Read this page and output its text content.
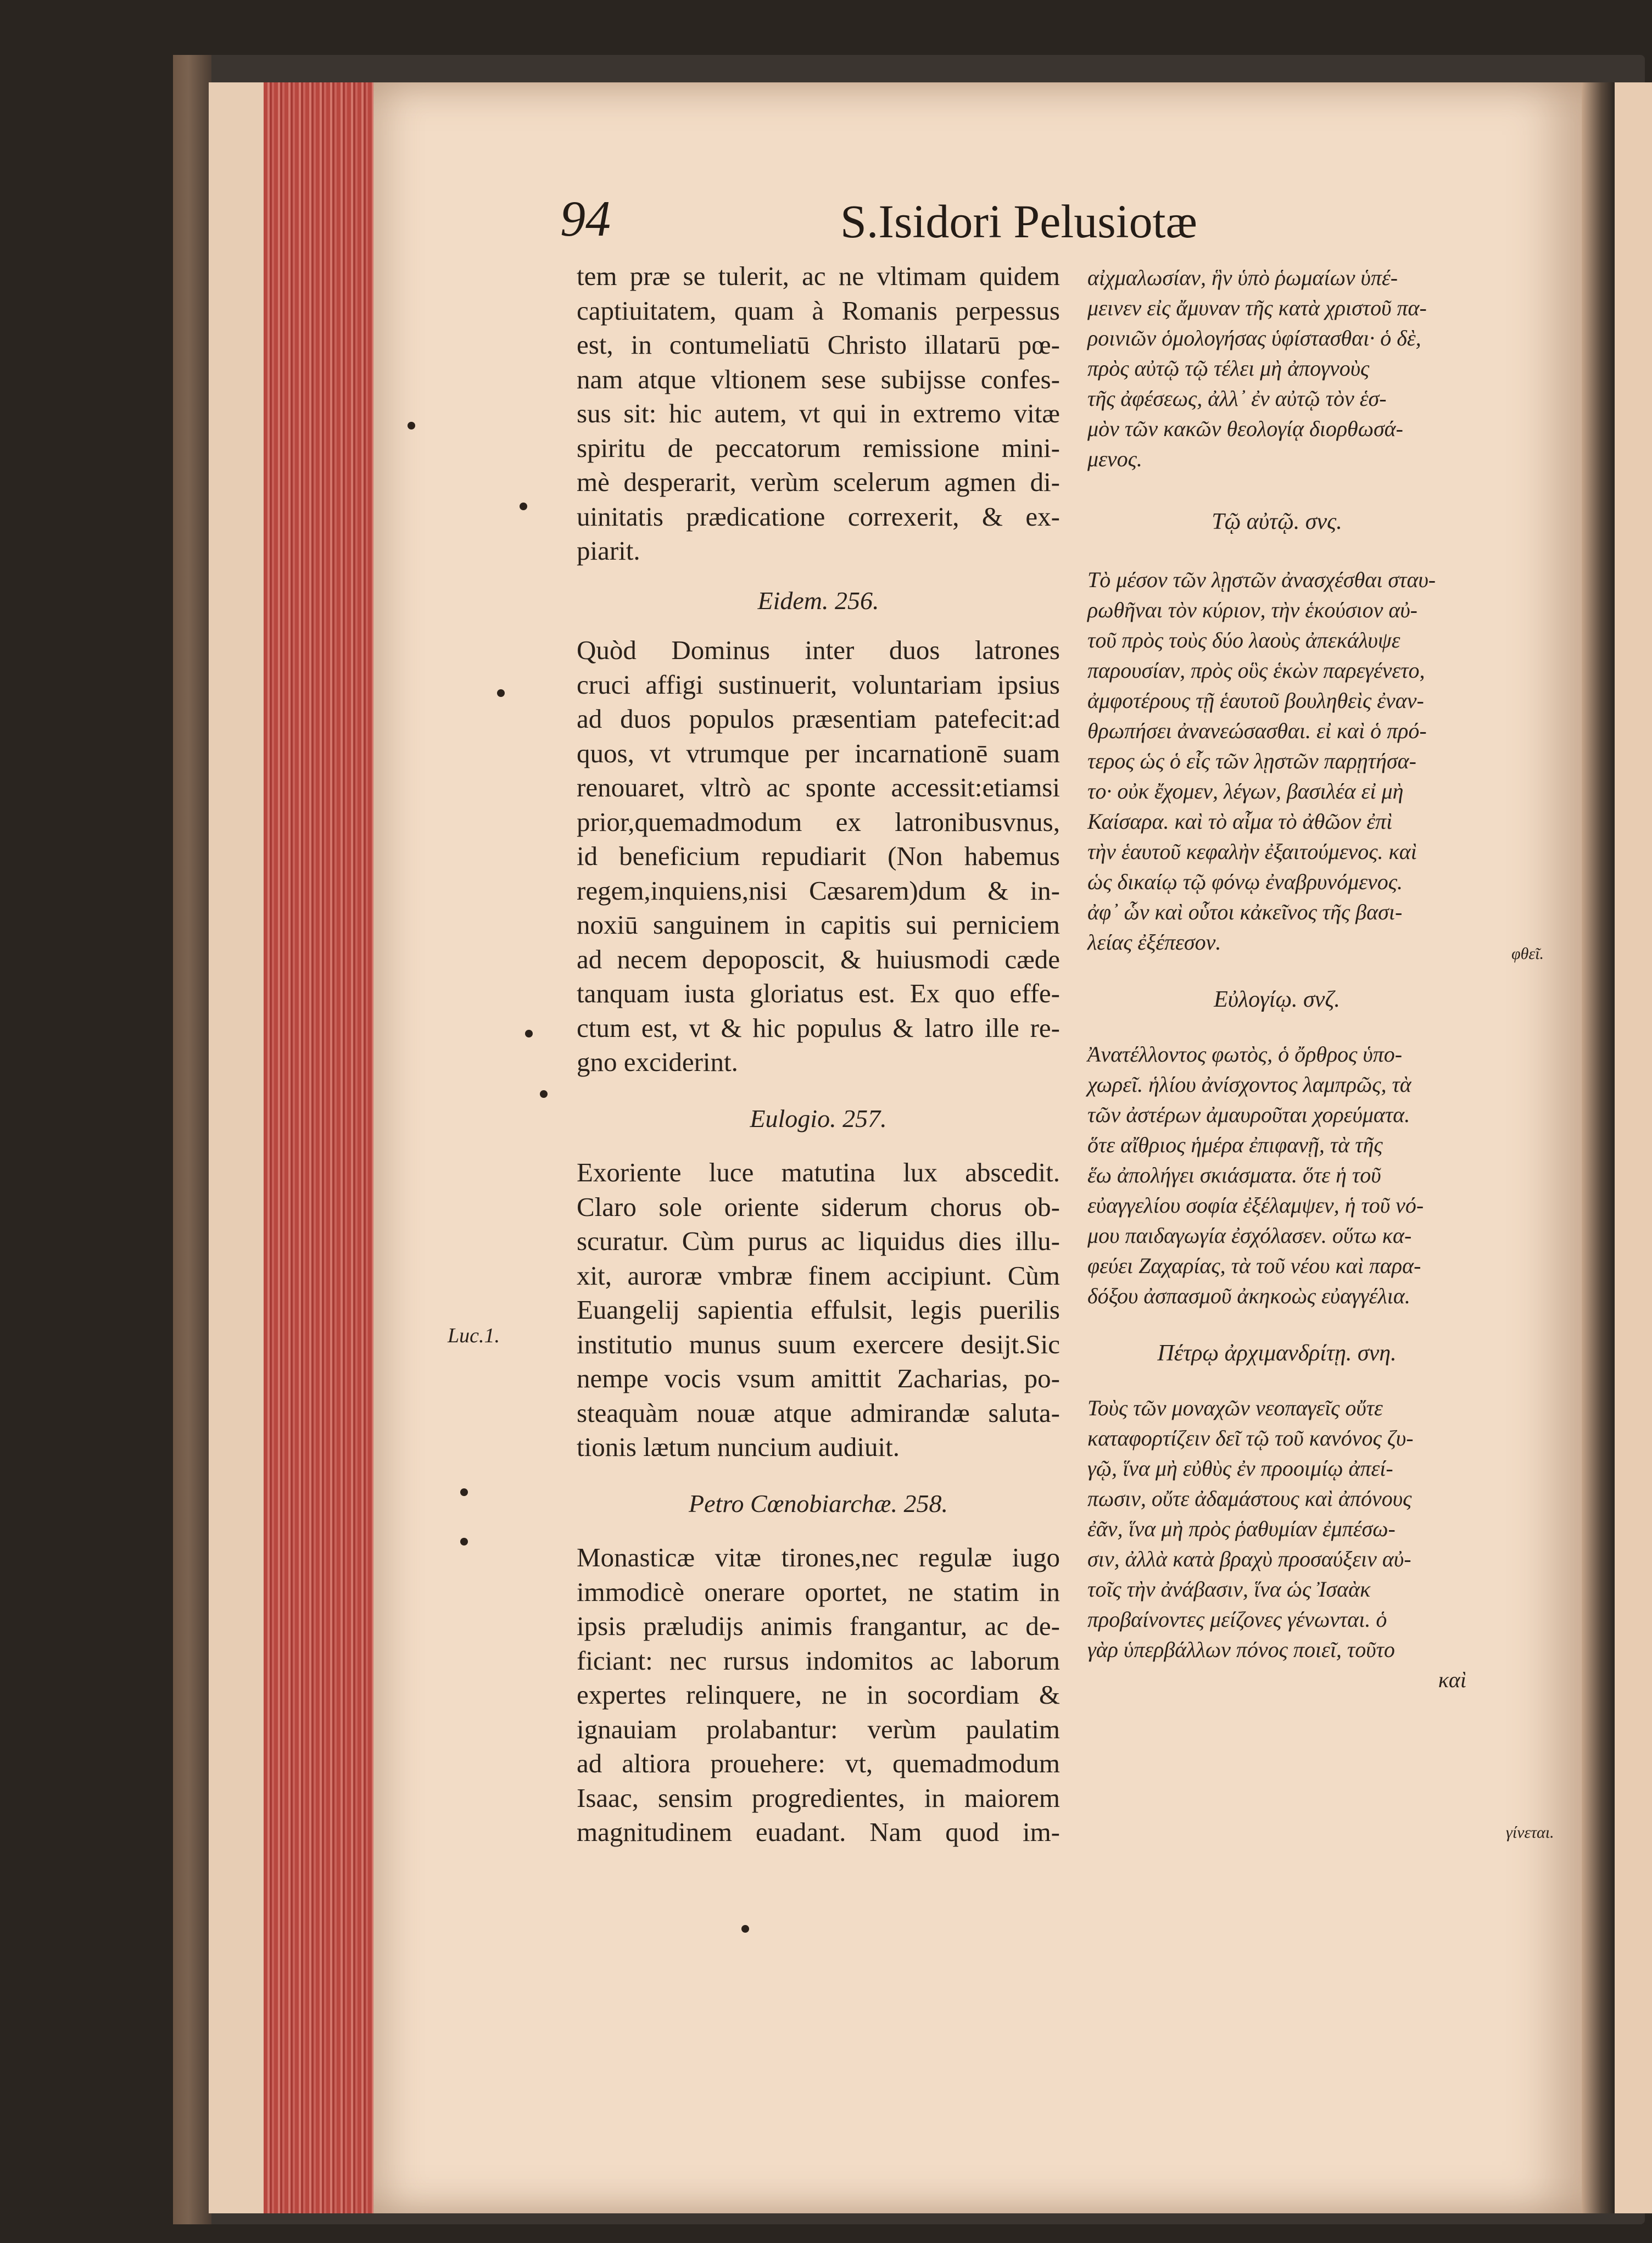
94	S.Isidori Pelusiotæ
tem præ se tulerit, ac ne vltimam quidem
captiuitatem, quam à Romanis perpessus
est, in contumeliatū Christo illatarū pœ-
nam atque vltionem sese subijsse confes-
sus sit: hic autem, vt qui in extremo vitæ
spiritu de peccatorum remissione mini-
mè desperarit, verùm scelerum agmen di-
uinitatis prædicatione correxerit, & ex-
piarit.
Eidem. 256.
Quòd Dominus inter duos latrones
cruci affigi sustinuerit, voluntariam ipsius
ad duos populos præsentiam patefecit:ad
quos, vt vtrumque per incarnationē suam
renouaret, vltrò ac sponte accessit:etiamsi
prior,quemadmodum ex latronibusvnus,
id beneficium repudiarit (Non habemus
regem,inquiens,nisi Cæsarem)dum & in-
noxiū sanguinem in capitis sui perniciem
ad necem depoposcit, & huiusmodi cæde
tanquam iusta gloriatus est. Ex quo effe-
ctum est, vt & hic populus & latro ille re-
gno exciderint.
Eulogio. 257.
Exoriente luce matutina lux abscedit.
Claro sole oriente siderum chorus ob-
scuratur. Cùm purus ac liquidus dies illu-
xit, auroræ vmbræ finem accipiunt. Cùm
Euangelij sapientia effulsit, legis puerilis
institutio munus suum exercere desijt.Sic
nempe vocis vsum amittit Zacharias, po-
steaquàm nouæ atque admirandæ saluta-
tionis lætum nuncium audiuit.
Petro Cœnobiarchæ. 258.
Monasticæ vitæ tirones,nec regulæ iugo
immodicè onerare oportet, ne statim in
ipsis præludijs animis frangantur, ac de-
ficiant: nec rursus indomitos ac laborum
expertes relinquere, ne in socordiam &
ignauiam prolabantur: verùm paulatim
ad altiora prouehere: vt, quemadmodum
Isaac, sensim progredientes, in maiorem
magnitudinem euadant. Nam quod im-
αἰχμαλωσίαν, ἣν ὑπὸ ῥωμαίων ὑπέ-
μεινεν εἰς ἄμυναν τῆς κατὰ χριστοῦ πα-
ροινιῶν ὁμολογήσας ὑφίστασθαι· ὁ δὲ,
πρὸς αὐτῷ τῷ τέλει μὴ ἀπογνοὺς
τῆς ἀφέσεως, ἀλλ᾽ ἐν αὐτῷ τὸν ἑσ-
μὸν τῶν κακῶν θεολογίᾳ διορθωσά-
μενος.
Τῷ αὐτῷ. σνς.
Τὸ μέσον τῶν λῃστῶν ἀνασχέσθαι σταυ-
ρωθῆναι τὸν κύριον, τὴν ἑκούσιον αὐ-
τοῦ πρὸς τοὺς δύο λαοὺς ἀπεκάλυψε
παρουσίαν, πρὸς οὓς ἑκὼν παρεγένετο,
ἀμφοτέρους τῇ ἑαυτοῦ βουληθεὶς ἐναν-
θρωπήσει ἀνανεώσασθαι. εἰ καὶ ὁ πρό-
τερος ὡς ὁ εἷς τῶν λῃστῶν παρῃτήσα-
το· οὐκ ἔχομεν, λέγων, βασιλέα εἰ μὴ
Καίσαρα. καὶ τὸ αἷμα τὸ ἀθῶον ἐπὶ
τὴν ἑαυτοῦ κεφαλὴν ἐξαιτούμενος. καὶ
ὡς δικαίῳ τῷ φόνῳ ἐναβρυνόμενος.
ἀφ᾽ ὧν καὶ οὗτοι κἀκεῖνος τῆς βασι-
λείας ἐξέπεσον.
Εὐλογίῳ. σνζ.
Ἀνατέλλοντος φωτὸς, ὁ ὄρθρος ὑπο-
χωρεῖ. ἡλίου ἀνίσχοντος λαμπρῶς, τὰ
τῶν ἀστέρων ἀμαυροῦται χορεύματα.
ὅτε αἴθριος ἡμέρα ἐπιφανῇ, τὰ τῆς
ἕω ἀπολήγει σκιάσματα. ὅτε ἡ τοῦ
εὐαγγελίου σοφία ἐξέλαμψεν, ἡ τοῦ νό-
μου παιδαγωγία ἐσχόλασεν. οὕτω κα-
φεύει Ζαχαρίας, τὰ τοῦ νέου καὶ παρα-
δόξου ἀσπασμοῦ ἀκηκοὼς εὐαγγέλια.
Πέτρῳ ἀρχιμανδρίτῃ. σνη.
Τοὺς τῶν μοναχῶν νεοπαγεῖς οὔτε
καταφορτίζειν δεῖ τῷ τοῦ κανόνος ζυ-
γῷ, ἵνα μὴ εὐθὺς ἐν προοιμίῳ ἀπεί-
πωσιν, οὔτε ἀδαμάστους καὶ ἀπόνους
ἐᾶν, ἵνα μὴ πρὸς ῥαθυμίαν ἐμπέσω-
σιν, ἀλλὰ κατὰ βραχὺ προσαύξειν αὐ-
τοῖς τὴν ἀνάβασιν, ἵνα ὡς Ἰσαὰκ
προβαίνοντες μείζονες γένωνται. ὁ
γὰρ ὑπερβάλλων πόνος ποιεῖ, τοῦτο
καὶ
Luc.1.
φθεῖ.
γίνεται.
